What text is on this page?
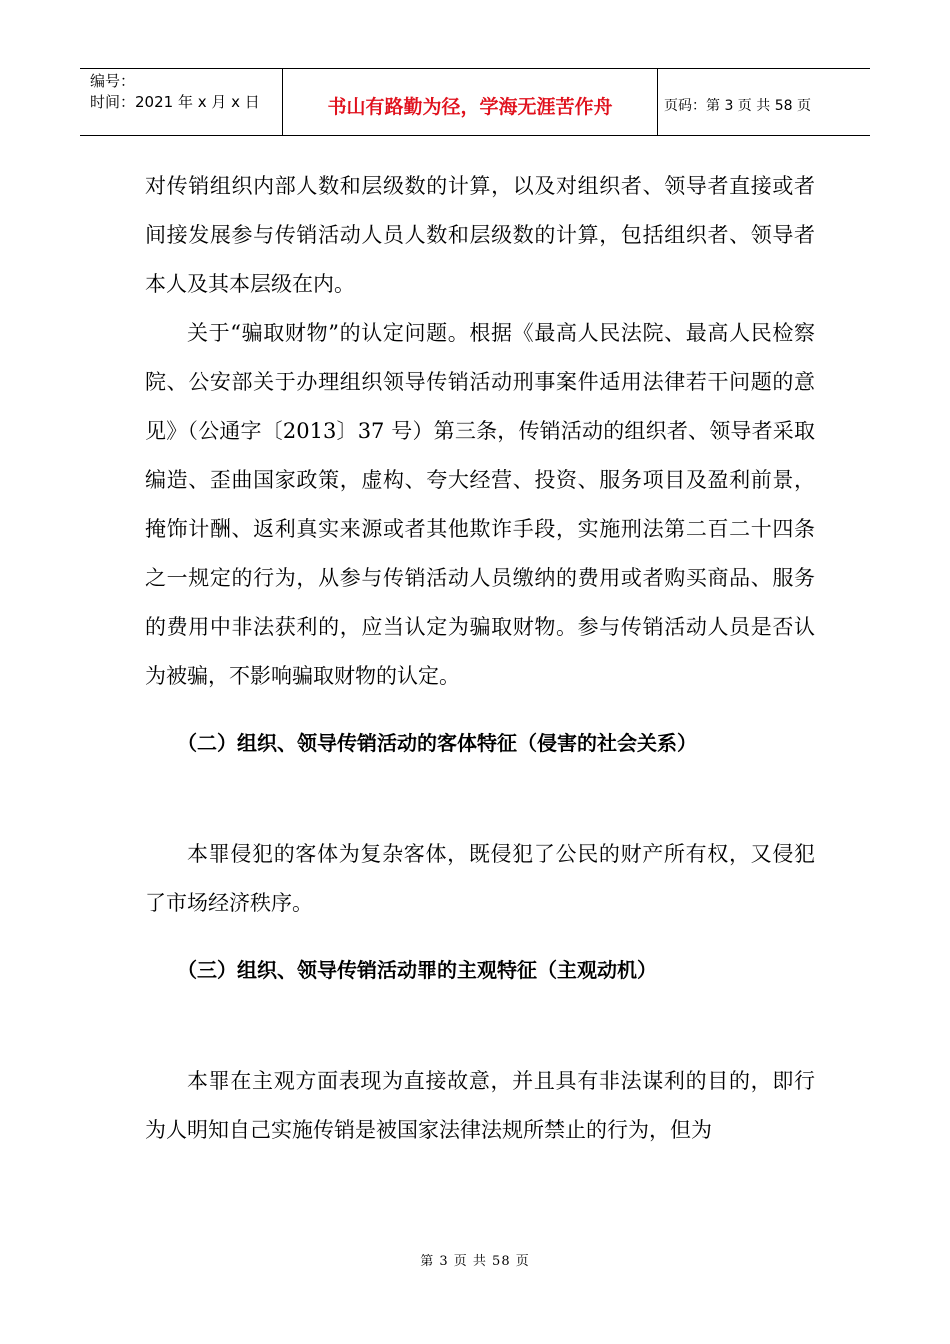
编号：
时间：2021 年 x 月 x 日	书山有路勤为径，学海无涯苦作舟	页码：第 3 页 共 58 页

对传销组织内部人数和层级数的计算，以及对组织者、领导者直接或者间接发展参与传销活动人员人数和层级数的计算，包括组织者、领导者本人及其本层级在内。

关于“骗取财物”的认定问题。根据《最高人民法院、最高人民检察院、公安部关于办理组织领导传销活动刑事案件适用法律若干问题的意见》（公通字〔2013〕37 号）第三条，传销活动的组织者、领导者采取编造、歪曲国家政策，虚构、夸大经营、投资、服务项目及盈利前景，掩饰计酬、返利真实来源或者其他欺诈手段，实施刑法第二百二十四条之一规定的行为，从参与传销活动人员缴纳的费用或者购买商品、服务的费用中非法获利的，应当认定为骗取财物。参与传销活动人员是否认为被骗，不影响骗取财物的认定。

（二）组织、领导传销活动的客体特征（侵害的社会关系）

本罪侵犯的客体为复杂客体，既侵犯了公民的财产所有权，又侵犯了市场经济秩序。

（三）组织、领导传销活动罪的主观特征（主观动机）

本罪在主观方面表现为直接故意，并且具有非法谋利的目的，即行为人明知自己实施传销是被国家法律法规所禁止的行为，但为

第 3 页 共 58 页
